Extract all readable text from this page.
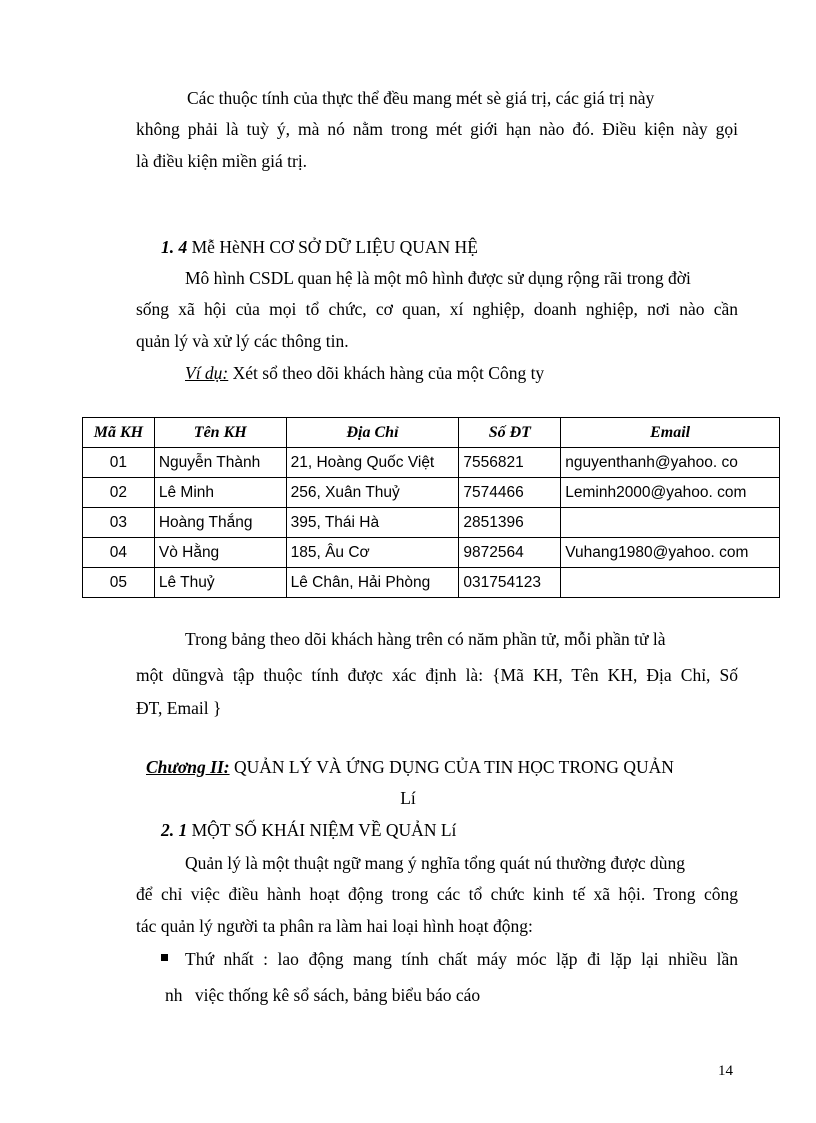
Các thuộc tính của thực thể đều mang mét sè giá trị, các giá trị này
không phải là tuỳ ý, mà nó nằm trong mét giới hạn nào đó. Điều kiện này gọi
là điều kiện miền giá trị.
1. 4 Mễ HèNH CƠ SỞ DỮ LIỆU QUAN HỆ
Mô hình CSDL quan hệ là một mô hình được sử dụng rộng rãi trong đời
sống xã hội của mọi tổ chức, cơ quan, xí nghiệp, doanh nghiệp, nơi nào cần
quản lý và xử lý các thông tin.
Ví dụ: Xét sổ theo dõi khách hàng của một Công ty
Mã KH	Tên KH	Địa Chỉ	Số ĐT	Email
01	Nguyễn Thành	21, Hoàng Quốc Việt	7556821	nguyenthanh@yahoo. co
02	Lê Minh	256, Xuân Thuỷ	7574466	Leminh2000@yahoo. com
03	Hoàng Thắng	395, Thái Hà	2851396	
04	Vò Hằng	185, Âu Cơ	9872564	Vuhang1980@yahoo. com
05	Lê Thuỷ	Lê Chân, Hải Phòng	031754123	
Trong bảng theo dõi khách hàng trên có năm phần tử, mỗi phần tử là
một dũngvà tập thuộc tính được xác định là: {Mã KH, Tên KH, Địa Chỉ, Số
ĐT, Email }
Chương II: QUẢN LÝ VÀ ỨNG DỤNG CỦA TIN HỌC TRONG QUẢN
Lí
2. 1 MỘT SỐ KHÁI NIỆM VỀ QUẢN Lí
Quản lý là một thuật ngữ mang ý nghĩa tổng quát nú thường được dùng
để chỉ việc điều hành hoạt động trong các tổ chức kinh tế xã hội. Trong công
tác quản lý người ta phân ra làm hai loại hình hoạt động:
Thứ nhất : lao động mang tính chất máy móc lặp đi lặp lại nhiều lần
nh việc thống kê sổ sách, bảng biểu báo cáo
14
